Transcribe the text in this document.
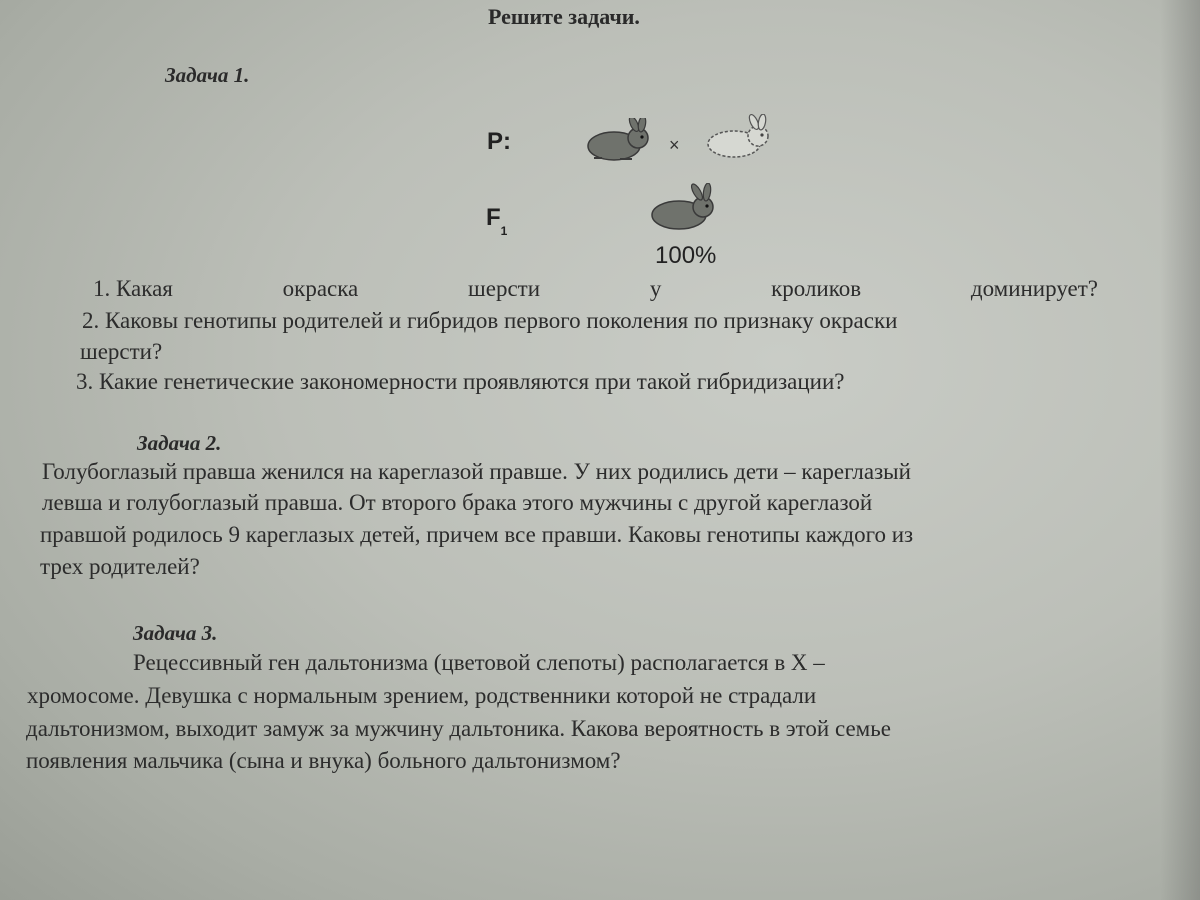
Решите задачи.
Задача 1.
P:	×
$F_1$
100%
1. Какая	окраска	шерсти	у	кроликов	доминирует?
2. Каковы генотипы родителей и гибридов первого поколения по признаку окраски
шерсти?
3. Какие генетические закономерности проявляются при такой гибридизации?
Задача 2.
Голубоглазый правша женился на кареглазой правше. У них родились дети – кареглазый
левша и голубоглазый правша. От второго брака этого мужчины с другой кареглазой
правшой родилось 9 кареглазых детей, причем все правши. Каковы генотипы каждого из
трех родителей?
Задача 3.
Рецессивный ген дальтонизма (цветовой слепоты) располагается в Х –
хромосоме. Девушка с нормальным зрением, родственники которой не страдали
дальтонизмом, выходит замуж за мужчину дальтоника. Какова вероятность в этой семье
появления мальчика (сына и внука) больного дальтонизмом?
